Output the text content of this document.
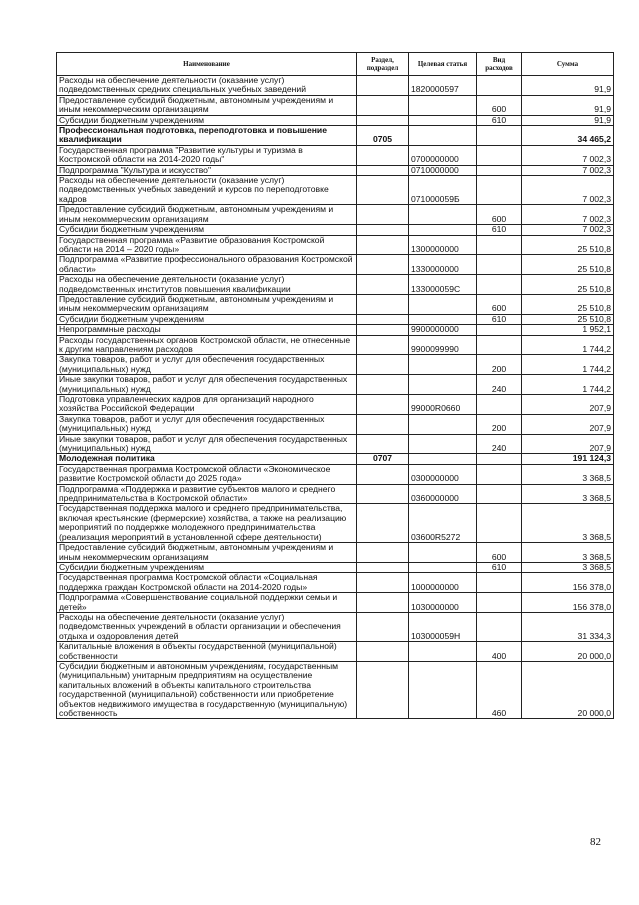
Наименование	Раздел, подраздел	Целевая статья	Вид расходов	Сумма
Расходы на обеспечение деятельности (оказание услуг) подведомственных средних специальных учебных заведений		1820000597		91,9
Предоставление субсидий бюджетным, автономным учреждениям и иным некоммерческим организациям			600	91,9
Субсидии бюджетным учреждениям			610	91,9
Профессиональная подготовка, переподготовка и повышение квалификации	0705			34 465,2
Государственная программа "Развитие культуры и туризма в Костромской области на 2014-2020 годы"		0700000000		7 002,3
Подпрограмма "Культура и искусство"		0710000000		7 002,3
Расходы на обеспечение деятельности (оказание услуг) подведомственных учебных заведений и курсов по переподготовке кадров		071000059Б		7 002,3
Предоставление субсидий бюджетным, автономным учреждениям и иным некоммерческим организациям			600	7 002,3
Субсидии бюджетным учреждениям			610	7 002,3
Государственная программа «Развитие образования Костромской области на 2014 – 2020 годы»		1300000000		25 510,8
Подпрограмма «Развитие профессионального образования Костромской области»		1330000000		25 510,8
Расходы на обеспечение деятельности (оказание услуг) подведомственных институтов повышения квалификации		133000059С		25 510,8
Предоставление субсидий бюджетным, автономным учреждениям и иным некоммерческим организациям			600	25 510,8
Субсидии бюджетным учреждениям			610	25 510,8
Непрограммные расходы		9900000000		1 952,1
Расходы государственных органов Костромской области, не отнесенные к другим направлениям расходов		9900099990		1 744,2
Закупка товаров, работ и услуг для обеспечения государственных (муниципальных) нужд			200	1 744,2
Иные закупки товаров, работ и услуг для обеспечения государственных (муниципальных) нужд			240	1 744,2
Подготовка управленческих кадров для организаций народного хозяйства Российской Федерации		99000R0660		207,9
Закупка товаров, работ и услуг для обеспечения государственных (муниципальных) нужд			200	207,9
Иные закупки товаров, работ и услуг для обеспечения государственных (муниципальных) нужд			240	207,9
Молодежная политика	0707			191 124,3
Государственная программа Костромской области «Экономическое развитие Костромской области до 2025 года»		0300000000		3 368,5
Подпрограмма «Поддержка и развитие субъектов малого и среднего предпринимательства в Костромской области»		0360000000		3 368,5
Государственная поддержка малого и среднего предпринимательства, включая крестьянские (фермерские) хозяйства, а также на реализацию мероприятий по поддержке молодежного предпринимательства (реализация мероприятий в установленной сфере деятельности)		03600R5272		3 368,5
Предоставление субсидий бюджетным, автономным учреждениям и иным некоммерческим организациям			600	3 368,5
Субсидии бюджетным учреждениям			610	3 368,5
Государственная программа Костромской области «Социальная поддержка граждан Костромской области на 2014-2020 годы»		1000000000		156 378,0
Подпрограмма «Совершенствование социальной поддержки семьи и детей»		1030000000		156 378,0
Расходы на обеспечение деятельности (оказание услуг) подведомственных учреждений в области организации и обеспечения отдыха и оздоровления детей		103000059Н		31 334,3
Капитальные вложения в объекты государственной (муниципальной) собственности			400	20 000,0
Субсидии бюджетным и автономным учреждениям, государственным (муниципальным) унитарным предприятиям на осуществление капитальных вложений в объекты капитального строительства государственной (муниципальной) собственности или приобретение объектов недвижимого имущества в государственную (муниципальную) собственность			460	20 000,0
82
